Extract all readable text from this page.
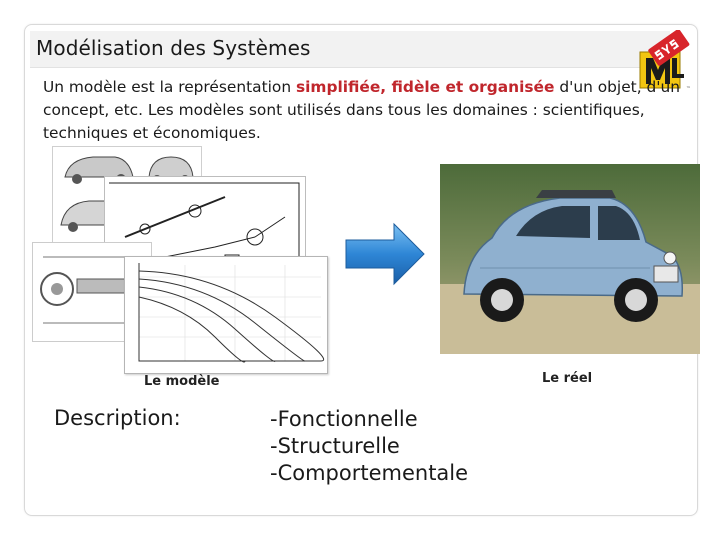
Modélisation des Systèmes
™

Un modèle est la représentation simplifiée, fidèle et organisée d'un objet, d'un concept, etc. Les modèles sont utilisés dans tous les domaines : scientifiques, techniques et économiques.

Le modèle	Le réel
Description:	-Fonctionnelle
-Structurelle
-Comportementale
